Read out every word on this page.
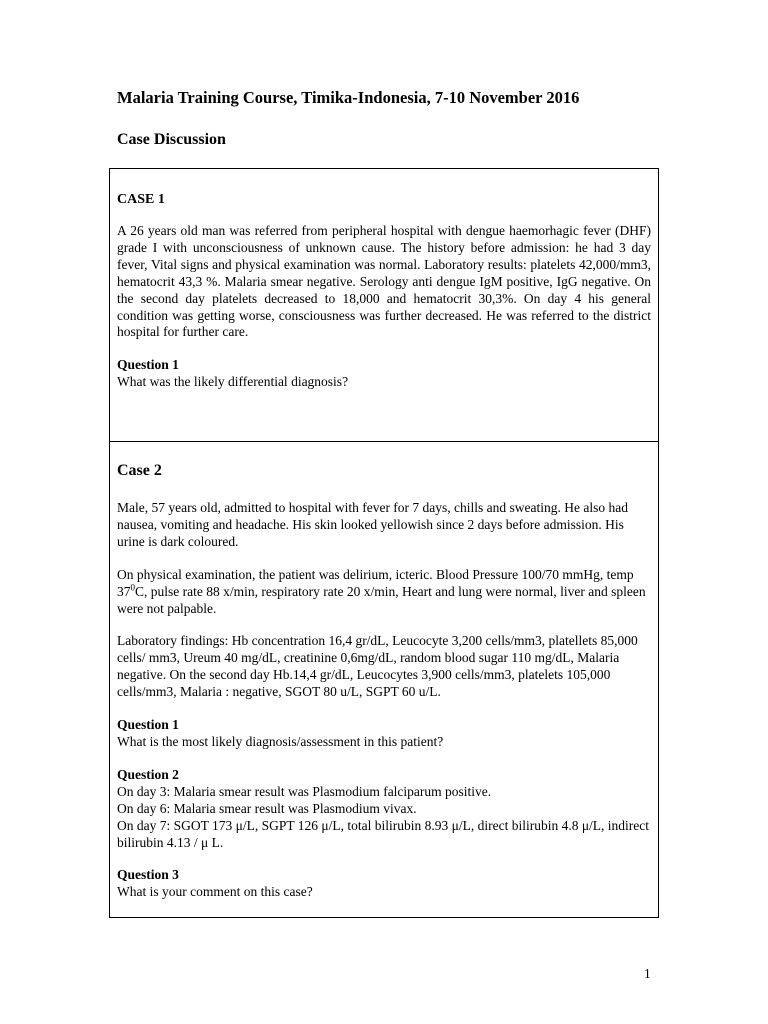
Malaria Training Course, Timika-Indonesia, 7-10 November 2016
Case Discussion

CASE 1

A 26 years old man was referred from peripheral hospital with dengue haemorhagic fever (DHF) grade I with unconsciousness of unknown cause. The history before admission: he had 3 day fever, Vital signs and physical examination was normal. Laboratory results: platelets 42,000/mm3, hematocrit 43,3 %. Malaria smear negative. Serology anti dengue IgM positive, IgG negative. On the second day platelets decreased to 18,000 and hematocrit 30,3%. On day 4 his general condition was getting worse, consciousness was further decreased. He was referred to the district hospital for further care.

Question 1

What was the likely differential diagnosis?

Case 2

Male, 57 years old, admitted to hospital with fever for 7 days, chills and sweating. He also had nausea, vomiting and headache. His skin looked yellowish since 2 days before admission. His urine is dark coloured.

On physical examination, the patient was delirium, icteric. Blood Pressure 100/70 mmHg, temp $37^0C$, pulse rate 88 x/min, respiratory rate 20 x/min, Heart and lung were normal, liver and spleen were not palpable.

Laboratory findings: Hb concentration 16,4 gr/dL, Leucocyte 3,200 cells/mm3, platellets 85,000 cells/ mm3, Ureum 40 mg/dL, creatinine 0,6mg/dL, random blood sugar 110 mg/dL, Malaria negative. On the second day Hb.14,4 gr/dL, Leucocytes 3,900 cells/mm3, platelets 105,000 cells/mm3, Malaria : negative, SGOT 80 u/L, SGPT 60 u/L.

Question 1

What is the most likely diagnosis/assessment in this patient?

Question 2

On day 3: Malaria smear result was Plasmodium falciparum positive.

On day 6: Malaria smear result was Plasmodium vivax.

On day 7: SGOT 173 μ/L, SGPT 126 μ/L, total bilirubin 8.93 μ/L, direct bilirubin 4.8 μ/L, indirect bilirubin 4.13 / μ L.

Question 3

What is your comment on this case?

1
